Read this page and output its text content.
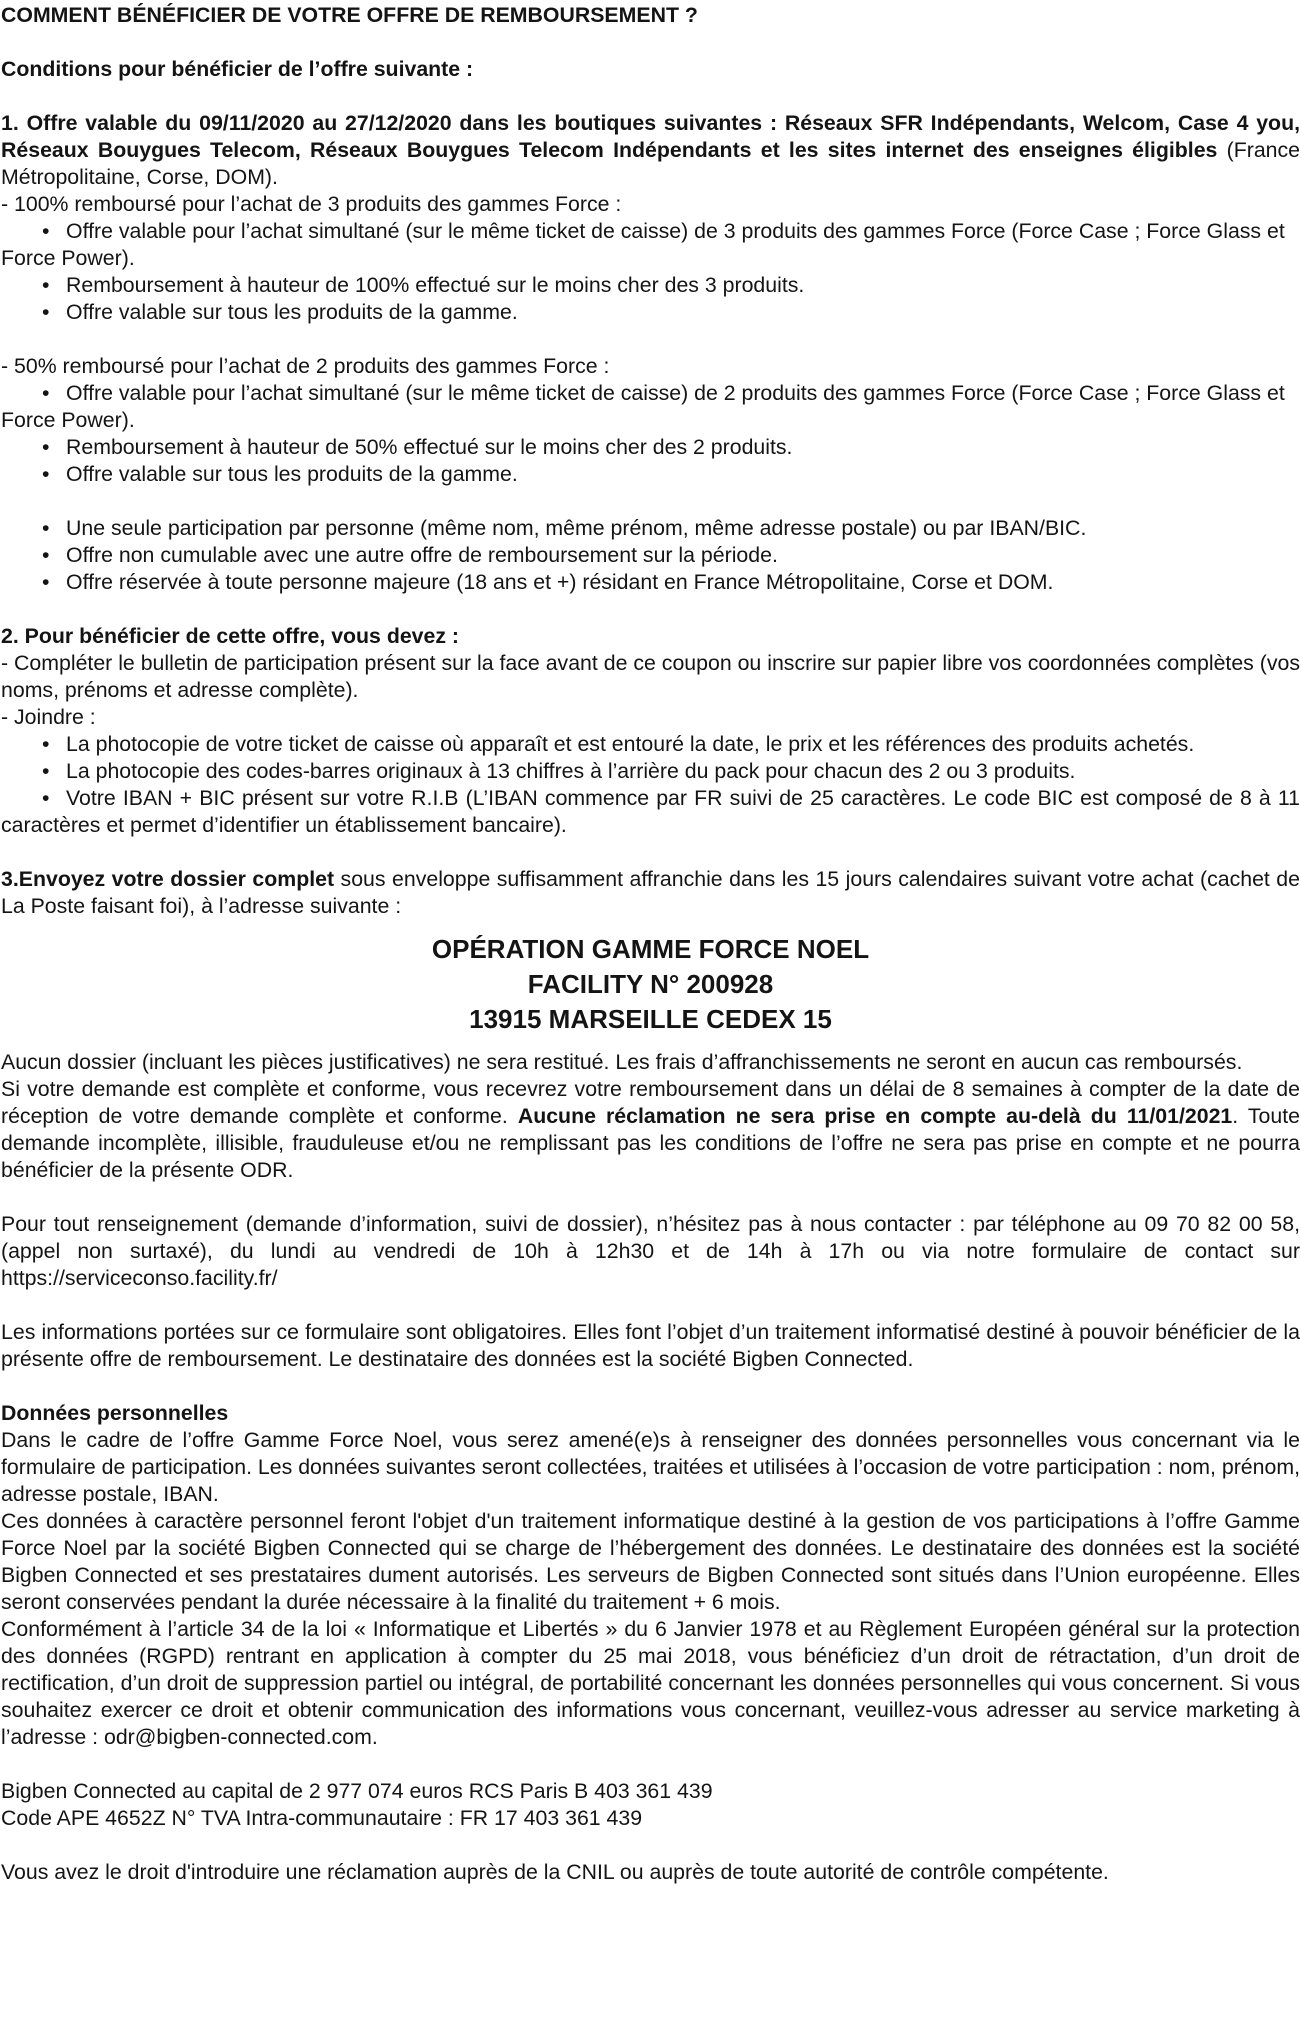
COMMENT BÉNÉFICIER DE VOTRE OFFRE DE REMBOURSEMENT ?

Conditions pour bénéficier de l’offre suivante :

1. Offre valable du 09/11/2020 au 27/12/2020 dans les boutiques suivantes : Réseaux SFR Indépendants, Welcom, Case 4 you, Réseaux Bouygues Telecom, Réseaux Bouygues Telecom Indépendants et les sites internet des enseignes éligibles (France Métropolitaine, Corse, DOM).

- 100% remboursé pour l’achat de 3 produits des gammes Force :

• Offre valable pour l’achat simultané (sur le même ticket de caisse) de 3 produits des gammes Force (Force Case ; Force Glass et Force Power).

• Remboursement à hauteur de 100% effectué sur le moins cher des 3 produits.

• Offre valable sur tous les produits de la gamme.

- 50% remboursé pour l’achat de 2 produits des gammes Force :

• Offre valable pour l’achat simultané (sur le même ticket de caisse) de 2 produits des gammes Force (Force Case ; Force Glass et Force Power).

• Remboursement à hauteur de 50% effectué sur le moins cher des 2 produits.

• Offre valable sur tous les produits de la gamme.

• Une seule participation par personne (même nom, même prénom, même adresse postale) ou par IBAN/BIC.

• Offre non cumulable avec une autre offre de remboursement sur la période.

• Offre réservée à toute personne majeure (18 ans et +) résidant en France Métropolitaine, Corse et DOM.

2. Pour bénéficier de cette offre, vous devez :

- Compléter le bulletin de participation présent sur la face avant de ce coupon ou inscrire sur papier libre vos coordonnées complètes (vos noms, prénoms et adresse complète).

- Joindre :

• La photocopie de votre ticket de caisse où apparaît et est entouré la date, le prix et les références des produits achetés.

• La photocopie des codes-barres originaux à 13 chiffres à l’arrière du pack pour chacun des 2 ou 3 produits.

• Votre IBAN + BIC présent sur votre R.I.B (L’IBAN commence par FR suivi de 25 caractères. Le code BIC est composé de 8 à 11 caractères et permet d’identifier un établissement bancaire).

3.Envoyez votre dossier complet sous enveloppe suffisamment affranchie dans les 15 jours calendaires suivant votre achat (cachet de La Poste faisant foi), à l’adresse suivante :

OPÉRATION GAMME FORCE NOEL
FACILITY N° 200928
13915 MARSEILLE CEDEX 15

Aucun dossier (incluant les pièces justificatives) ne sera restitué. Les frais d’affranchissements ne seront en aucun cas remboursés.

Si votre demande est complète et conforme, vous recevrez votre remboursement dans un délai de 8 semaines à compter de la date de réception de votre demande complète et conforme. Aucune réclamation ne sera prise en compte au-delà du 11/01/2021. Toute demande incomplète, illisible, frauduleuse et/ou ne remplissant pas les conditions de l’offre ne sera pas prise en compte et ne pourra bénéficier de la présente ODR.

Pour tout renseignement (demande d’information, suivi de dossier), n’hésitez pas à nous contacter : par téléphone au 09 70 82 00 58, (appel non surtaxé), du lundi au vendredi de 10h à 12h30 et de 14h à 17h ou via notre formulaire de contact sur https://serviceconso.facility.fr/

Les informations portées sur ce formulaire sont obligatoires. Elles font l’objet d’un traitement informatisé destiné à pouvoir bénéficier de la présente offre de remboursement. Le destinataire des données est la société Bigben Connected.

Données personnelles

Dans le cadre de l’offre Gamme Force Noel, vous serez amené(e)s à renseigner des données personnelles vous concernant via le formulaire de participation. Les données suivantes seront collectées, traitées et utilisées à l’occasion de votre participation : nom, prénom, adresse postale, IBAN.

Ces données à caractère personnel feront l'objet d'un traitement informatique destiné à la gestion de vos participations à l’offre Gamme Force Noel par la société Bigben Connected qui se charge de l’hébergement des données. Le destinataire des données est la société Bigben Connected et ses prestataires dument autorisés. Les serveurs de Bigben Connected sont situés dans l’Union européenne. Elles seront conservées pendant la durée nécessaire à la finalité du traitement + 6 mois.

Conformément à l’article 34 de la loi « Informatique et Libertés » du 6 Janvier 1978 et au Règlement Européen général sur la protection des données (RGPD) rentrant en application à compter du 25 mai 2018, vous bénéficiez d’un droit de rétractation, d’un droit de rectification, d’un droit de suppression partiel ou intégral, de portabilité concernant les données personnelles qui vous concernent. Si vous souhaitez exercer ce droit et obtenir communication des informations vous concernant, veuillez-vous adresser au service marketing à l’adresse : odr@bigben-connected.com.

Bigben Connected au capital de 2 977 074 euros RCS Paris B 403 361 439

Code APE 4652Z N° TVA Intra-communautaire : FR 17 403 361 439

Vous avez le droit d'introduire une réclamation auprès de la CNIL ou auprès de toute autorité de contrôle compétente.
